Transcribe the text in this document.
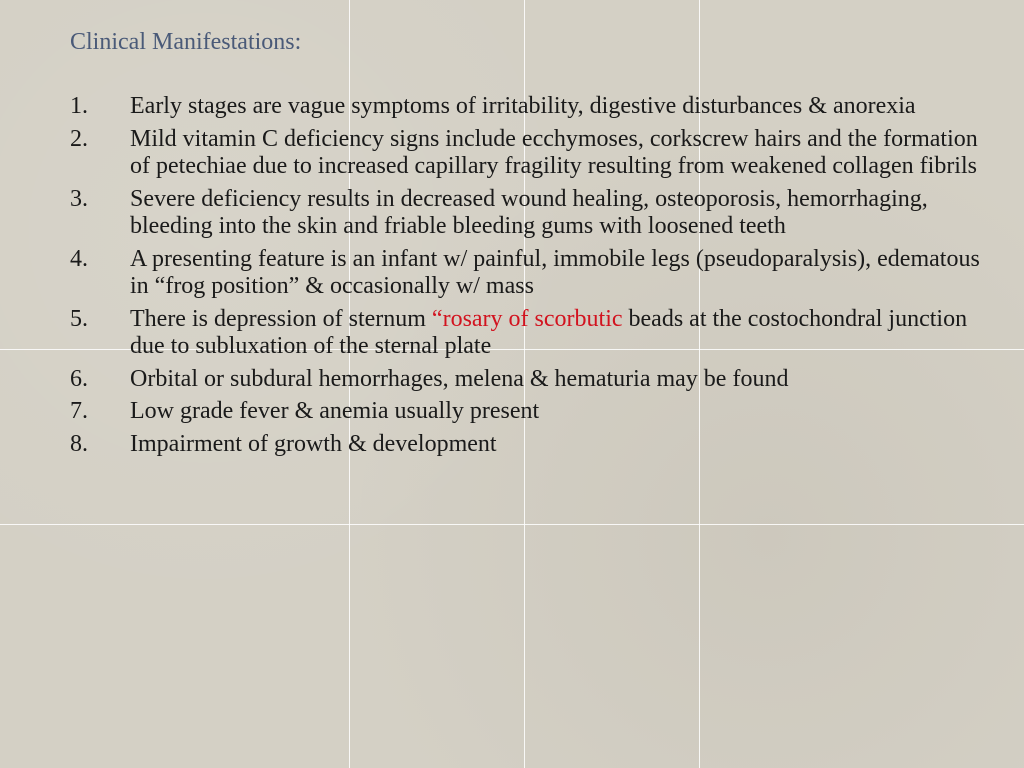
Clinical Manifestations:
1.	Early stages are vague symptoms of irritability, digestive disturbances & anorexia
2.	Mild vitamin C deficiency signs include ecchymoses, corkscrew hairs and the formation of petechiae due to increased capillary fragility resulting from weakened collagen fibrils
3.	Severe deficiency results in decreased wound healing, osteoporosis, hemorrhaging, bleeding into the skin and friable bleeding gums with loosened teeth
4.	A presenting feature is an infant w/ painful, immobile legs (pseudoparalysis), edematous in “frog position” & occasionally w/ mass
5.	There is depression of sternum “rosary of scorbutic beads at the costochondral junction due to subluxation of the sternal plate
6.	Orbital or subdural hemorrhages, melena & hematuria may be found
7.	Low grade fever & anemia usually present
8.	Impairment of growth & development
